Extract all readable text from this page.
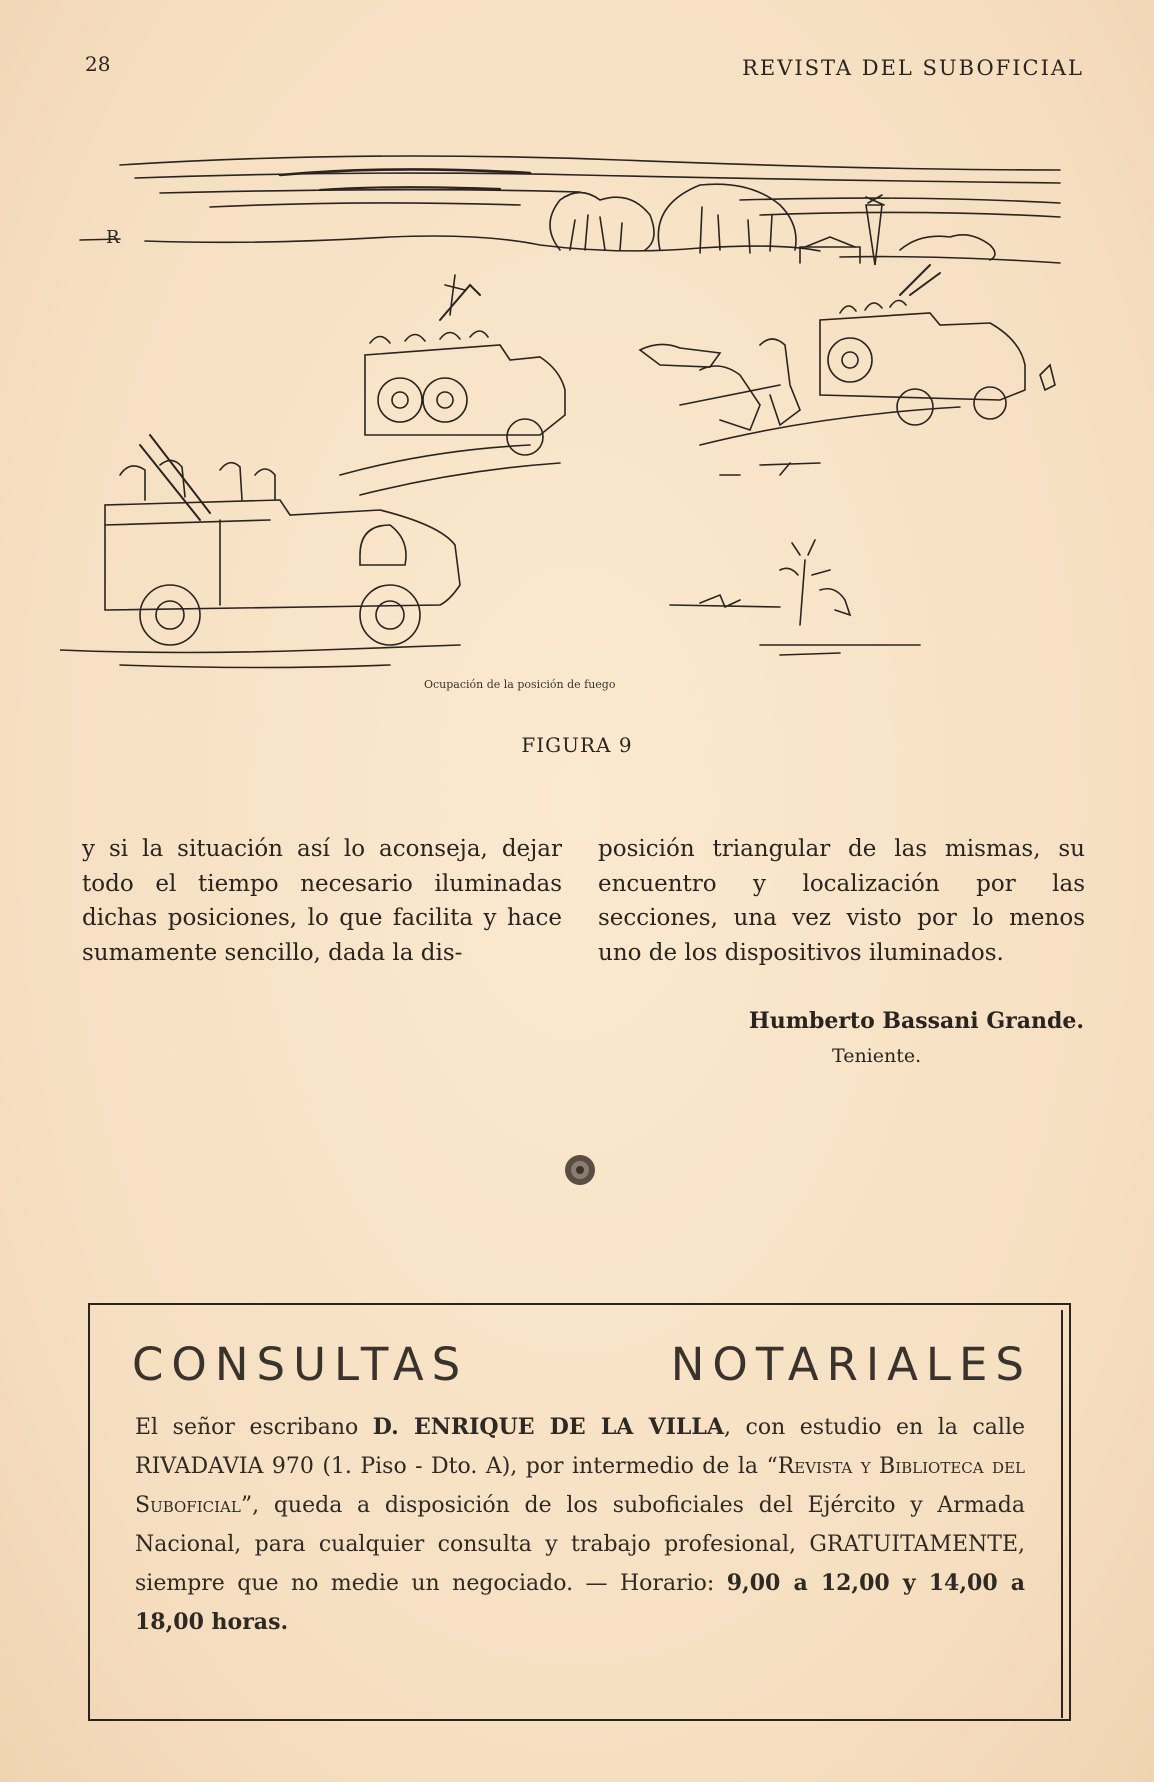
28	REVISTA DEL SUBOFICIAL
R
Ocupación de la posición de fuego
FIGURA 9
y si la situación así lo aconseja, dejar todo el tiempo necesario iluminadas dichas posiciones, lo que facilita y hace sumamente sencillo, dada la dis-
posición triangular de las mismas, su encuentro y localización por las secciones, una vez visto por lo menos uno de los dispositivos iluminados.
Humberto Bassani Grande.
Teniente.
CONSULTAS	NOTARIALES
El señor escribano D. ENRIQUE DE LA VILLA, con estudio en la calle RIVADAVIA 970 (1. Piso - Dto. A), por intermedio de la “Revista y Biblioteca del Suboficial”, queda a disposición de los suboficiales del Ejército y Armada Nacional, para cualquier consulta y trabajo profesional, GRATUITAMENTE, siempre que no medie un negociado. — Horario: 9,00 a 12,00 y 14,00 a 18,00 horas.
